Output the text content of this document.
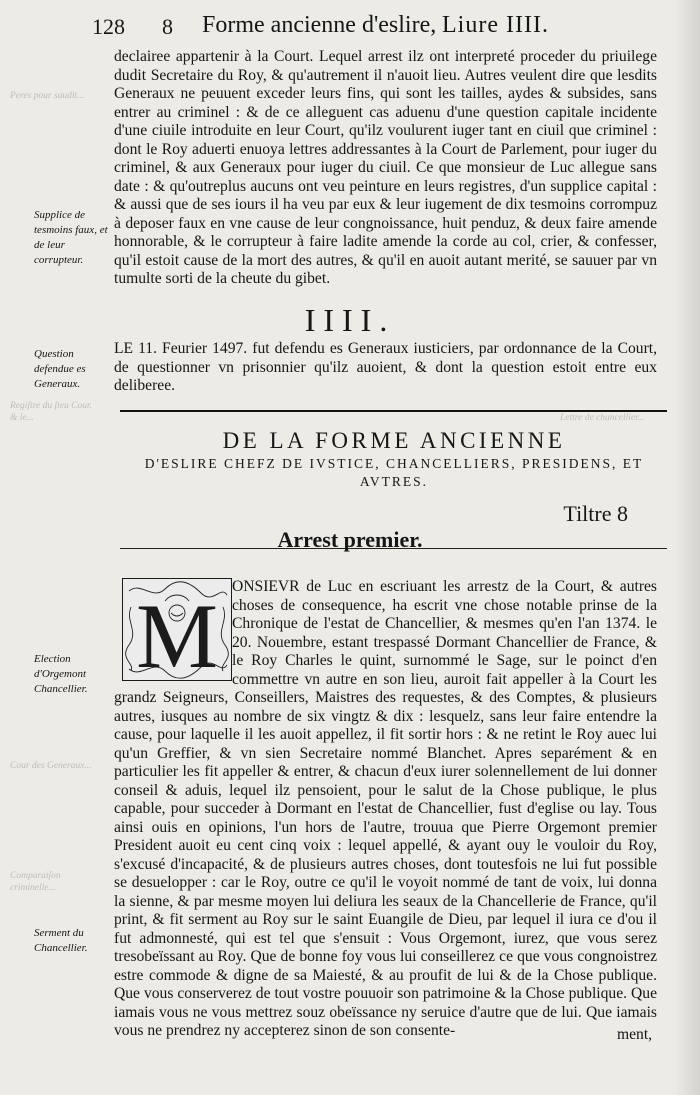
128 8 Forme ancienne d'eslire, Liure IIII.
Peres pour saudit...
Regiſtre du ſteu Cour. & le...
Cour des Generaux...
Lettre de chancellier...
Comparaiſon criminelle...
declairee appartenir à la Court. Lequel arrest ilz ont interpreté proceder du priuilege dudit Secretaire du Roy, & qu'autrement il n'auoit lieu. Autres veulent dire que lesdits Generaux ne peuuent exceder leurs fins, qui sont les tailles, aydes & subsides, sans entrer au criminel : & de ce alleguent cas aduenu d'une question capitale incidente d'une ciuile introduite en leur Court, qu'ilz voulurent iuger tant en ciuil que criminel : dont le Roy aduerti enuoya lettres addressantes à la Court de Parlement, pour iuger du criminel, & aux Generaux pour iuger du ciuil. Ce que monsieur de Luc allegue sans date : & qu'outreplus aucuns ont veu peinture en leurs registres, d'un supplice capital : & aussi que de ses iours il ha veu par eux & leur iugement de dix tesmoins corrompuz à deposer faux en vne cause de leur congnoissance, huit penduz, & deux faire amende honnorable, & le corrupteur à faire ladite amende la corde au col, crier, & confesser, qu'il estoit cause de la mort des autres, & qu'il en auoit autant merité, se sauuer par vn tumulte sorti de la cheute du gibet.
Supplice de tesmoins faux, et de leur corrupteur.
IIII.
LE 11. Feurier 1497. fut defendu es Generaux iusticiers, par ordonnance de la Court, de questionner vn prisonnier qu'ilz auoient, & dont la question estoit entre eux deliberee.
Question defendue es Generaux.
DE LA FORME ANCIENNE
D'ESLIRE CHEFZ DE IVSTICE, CHANCELLIERS, PRESIDENS, ET AVTRES.
Tiltre 8
Arrest premier.
M ONSIEVR de Luc en escriuant les arrestz de la Court, & autres choses de consequence, ha escrit vne chose notable prinse de la Chronique de l'estat de Chancellier, & mesmes qu'en l'an 1374. le 20. Nouembre, estant trespassé Dormant Chancellier de France, & le Roy Charles le quint, surnommé le Sage, sur le poinct d'en commettre vn autre en son lieu, auroit fait appeller à la Court les grandz Seigneurs, Conseillers, Maistres des requestes, & des Comptes, & plusieurs autres, iusques au nombre de six vingtz & dix : lesquelz, sans leur faire entendre la cause, pour laquelle il les auoit appellez, il fit sortir hors : & ne retint le Roy auec lui qu'un Greffier, & vn sien Secretaire nommé Blanchet. Apres separément & en particulier les fit appeller & entrer, & chacun d'eux iurer solennellement de lui donner conseil & aduis, lequel ilz pensoient, pour le salut de la Chose publique, le plus capable, pour succeder à Dormant en l'estat de Chancellier, fust d'eglise ou lay. Tous ainsi ouis en opinions, l'un hors de l'autre, trouua que Pierre Orgemont premier President auoit eu cent cinq voix : lequel appellé, & ayant ouy le vouloir du Roy, s'excusé d'incapacité, & de plusieurs autres choses, dont toutesfois ne lui fut possible se desuelopper : car le Roy, outre ce qu'il le voyoit nommé de tant de voix, lui donna la sienne, & par mesme moyen lui deliura les seaux de la Chancellerie de France, qu'il print, & fit serment au Roy sur le saint Euangile de Dieu, par lequel il iura ce d'ou il fut admonnesté, qui est tel que s'ensuit : Vous Orgemont, iurez, que vous serez tresobeïssant au Roy. Que de bonne foy vous lui conseillerez ce que vous congnoistrez estre commode & digne de sa Maiesté, & au proufit de lui & de la Chose publique. Que vous conserverez de tout vostre pouuoir son patrimoine & la Chose publique. Que iamais vous ne vous mettrez souz obeïssance ny seruice d'autre que de lui. Que iamais vous ne prendrez ny accepterez sinon de son consente-	ment,
Election d'Orgemont Chancellier.
Serment du Chancellier.
